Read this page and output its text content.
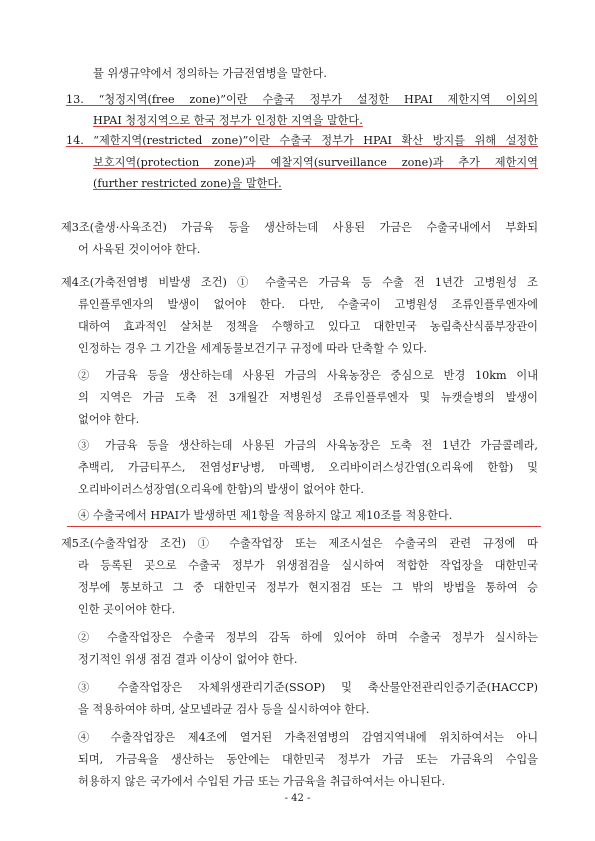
뮬 위생규약에서 정의하는 가금전염병을 말한다.
13. “청정지역(free zone)”이란 수출국 정부가 설정한 HPAI 제한지역 이외의
HPAI 청정지역으로 한국 정부가 인정한 지역을 말한다.
14. “제한지역(restricted zone)”이란 수출국 정부가 HPAI 확산 방지를 위해 설정한
보호지역(protection zone)과 예찰지역(surveillance zone)과 추가 제한지역
(further restricted zone)을 말한다.
제3조(출생·사육조건) 가금육 등을 생산하는데 사용된 가금은 수출국내에서 부화되
어 사육된 것이어야 한다.
제4조(가축전염병 비발생 조건) ① 수출국은 가금육 등 수출 전 1년간 고병원성 조
류인플루엔자의 발생이 없어야 한다. 다만, 수출국이 고병원성 조류인플루엔자에
대하여 효과적인 살처분 정책을 수행하고 있다고 대한민국 농림축산식품부장관이
인정하는 경우 그 기간을 세계동물보건기구 규정에 따라 단축할 수 있다.
② 가금육 등을 생산하는데 사용된 가금의 사육농장은 중심으로 반경 10km 이내
의 지역은 가금 도축 전 3개월간 저병원성 조류인플루엔자 및 뉴캣슬병의 발생이
없어야 한다.
③ 가금육 등을 생산하는데 사용된 가금의 사육농장은 도축 전 1년간 가금콜레라,
추백리, 가금티푸스, 전염성F낭병, 마렉병, 오리바이러스성간염(오리육에 한함) 및
오리바이러스성장염(오리육에 한함)의 발생이 없어야 한다.
④ 수출국에서 HPAI가 발생하면 제1항을 적용하지 않고 제10조를 적용한다.
제5조(수출작업장 조건) ① 수출작업장 또는 제조시설은 수출국의 관련 규정에 따
라 등록된 곳으로 수출국 정부가 위생점검을 실시하여 적합한 작업장을 대한민국
정부에 통보하고 그 중 대한민국 정부가 현지점검 또는 그 밖의 방법을 통하여 승
인한 곳이어야 한다.
② 수출작업장은 수출국 정부의 감독 하에 있어야 하며 수출국 정부가 실시하는
정기적인 위생 점검 결과 이상이 없어야 한다.
③ 수출작업장은 자체위생관리기준(SSOP) 및 축산물안전관리인증기준(HACCP)
을 적용하여야 하며, 살모넬라균 검사 등을 실시하여야 한다.
④ 수출작업장은 제4조에 열거된 가축전염병의 감염지역내에 위치하여서는 아니
되며, 가금육을 생산하는 동안에는 대한민국 정부가 가금 또는 가금육의 수입을
허용하지 않은 국가에서 수입된 가금 또는 가금육을 취급하여서는 아니된다.
- 42 -
